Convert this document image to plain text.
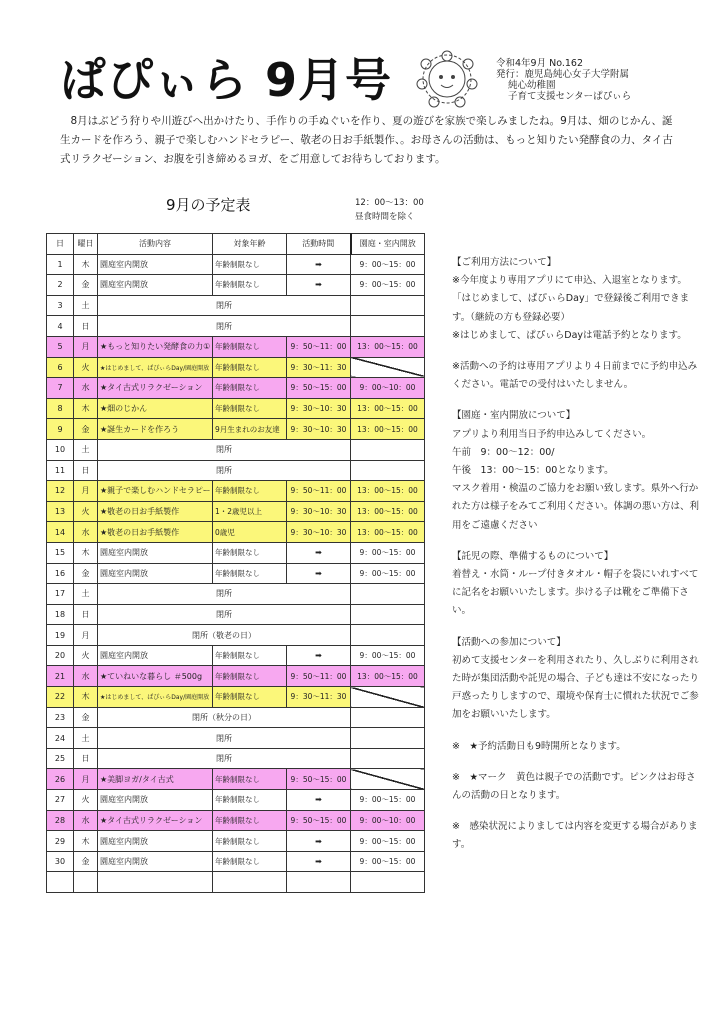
ぱぴぃら 9月号	令和4年9月 No.162
発行：鹿児島純心女子大学附属
純心幼稚園
子育て支援センターぱぴぃら
8月はぶどう狩りや川遊びへ出かけたり、手作りの手ぬぐいを作り、夏の遊びを家族で楽しみましたね。9月は、畑のじかん、誕生カードを作ろう、親子で楽しむハンドセラピー、敬老の日お手紙製作、。お母さんの活動は、もっと知りたい発酵食の力、タイ古式リラクゼーション、お腹を引き締めるヨガ、をご用意してお待ちしております。
9月の予定表	12：00〜13：00
昼食時間を除く
日	曜日	活動内容	対象年齢	活動時間	園庭・室内開放
1	木	園庭室内開放	年齢制限なし	➡	9：00〜15：00
2	金	園庭室内開放	年齢制限なし	➡	9：00〜15：00
3	土	閉所			
4	日	閉所			
5	月	★もっと知りたい発酵食の力①	年齢制限なし	9：50〜11：00	13：00〜15：00
6	火	★はじめまして、ぱぴぃらDay/園庭開放	年齢制限なし	9：30〜11：30	
7	水	★タイ古式リラクゼーション	年齢制限なし	9：50〜15：00	9：00〜10：00
8	木	★畑のじかん	年齢制限なし	9：30〜10：30	13：00〜15：00
9	金	★誕生カードを作ろう	9月生まれのお友達	9：30〜10：30	13：00〜15：00
10	土	閉所			
11	日	閉所			
12	月	★親子で楽しむハンドセラピー	年齢制限なし	9：50〜11：00	13：00〜15：00
13	火	★敬老の日お手紙製作	1・2歳児以上	9：30〜10：30	13：00〜15：00
14	水	★敬老の日お手紙製作	0歳児	9：30〜10：30	13：00〜15：00
15	木	園庭室内開放	年齢制限なし	➡	9：00〜15：00
16	金	園庭室内開放	年齢制限なし	➡	9：00〜15：00
17	土	閉所			
18	日	閉所			
19	月	閉所（敬老の日）			
20	火	園庭室内開放	年齢制限なし	➡	9：00〜15：00
21	水	★ていねいな暮らし ＃500g	年齢制限なし	9：50〜11：00	13：00〜15：00
22	木	★はじめまして、ぱぴぃらDay/園庭開放	年齢制限なし	9：30〜11：30	
23	金	閉所（秋分の日）			
24	土	閉所			
25	日	閉所			
26	月	★美脚ヨガ/タイ古式	年齢制限なし	9：50〜15：00	
27	火	園庭室内開放	年齢制限なし	➡	9：00〜15：00
28	水	★タイ古式リラクゼーション	年齢制限なし	9：50〜15：00	9：00〜10：00
29	木	園庭室内開放	年齢制限なし	➡	9：00〜15：00
30	金	園庭室内開放	年齢制限なし	➡	9：00〜15：00

【ご利用方法について】

※今年度より専用アプリにて申込、入退室となります。「はじめまして、ぱぴぃらDay」で登録後ご利用できます。（継続の方も登録必要）

※はじめまして、ぱぴぃらDayは電話予約となります。

※活動への予約は専用アプリより４日前までに予約申込みください。電話での受付はいたしません。

【園庭・室内開放について】

アプリより利用当日予約申込みしてください。

午前　9：00〜12：00/

午後　13：00〜15：00となります。

マスク着用・検温のご協力をお願い致します。県外へ行かれた方は様子をみてご利用ください。体調の悪い方は、利用をご遠慮ください

【託児の際、準備するものについて】

着替え・水筒・ループ付きタオル・帽子を袋にいれすべてに記名をお願いいたします。歩ける子は靴をご準備下さい。

【活動への参加について】

初めて支援センターを利用されたり、久しぶりに利用された時が集団活動や託児の場合、子ども達は不安になったり戸惑ったりしますので、環境や保育士に慣れた状況でご参加をお願いいたします。

※　★予約活動日も9時開所となります。

※　★マーク　黄色は親子での活動です。ピンクはお母さんの活動の日となります。

※　感染状況によりましては内容を変更する場合があります。
